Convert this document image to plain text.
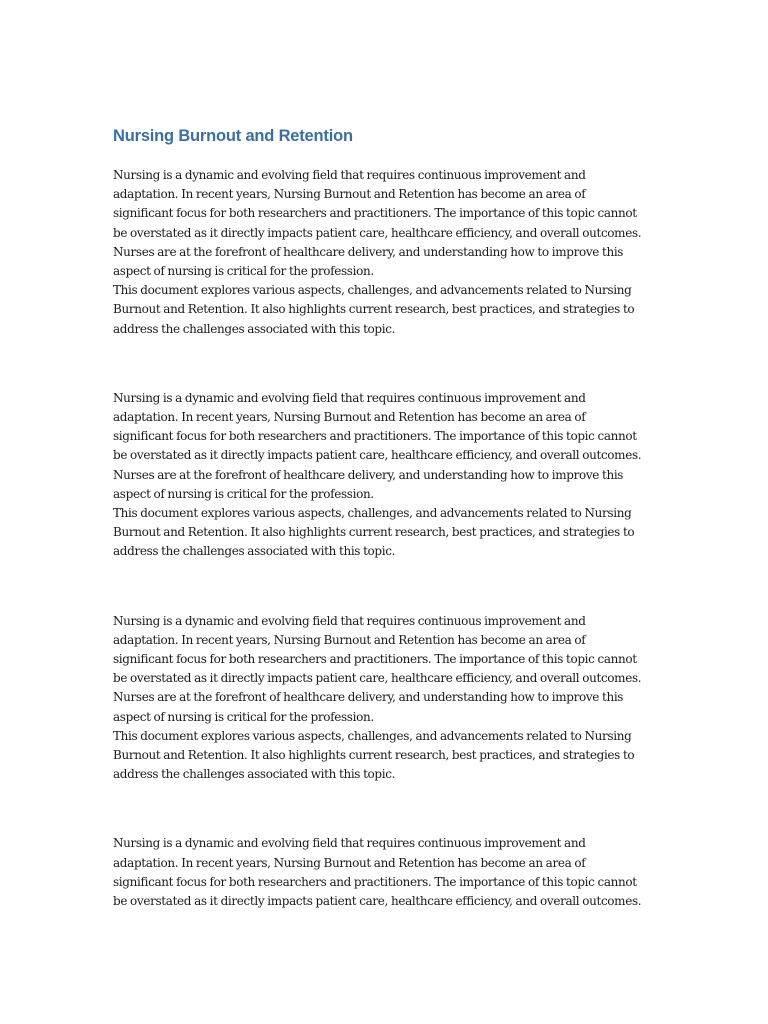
Nursing Burnout and Retention

Nursing is a dynamic and evolving field that requires continuous improvement and
adaptation. In recent years, Nursing Burnout and Retention has become an area of
significant focus for both researchers and practitioners. The importance of this topic cannot
be overstated as it directly impacts patient care, healthcare efficiency, and overall outcomes.
Nurses are at the forefront of healthcare delivery, and understanding how to improve this
aspect of nursing is critical for the profession.

This document explores various aspects, challenges, and advancements related to Nursing
Burnout and Retention. It also highlights current research, best practices, and strategies to
address the challenges associated with this topic.

Nursing is a dynamic and evolving field that requires continuous improvement and
adaptation. In recent years, Nursing Burnout and Retention has become an area of
significant focus for both researchers and practitioners. The importance of this topic cannot
be overstated as it directly impacts patient care, healthcare efficiency, and overall outcomes.
Nurses are at the forefront of healthcare delivery, and understanding how to improve this
aspect of nursing is critical for the profession.

This document explores various aspects, challenges, and advancements related to Nursing
Burnout and Retention. It also highlights current research, best practices, and strategies to
address the challenges associated with this topic.

Nursing is a dynamic and evolving field that requires continuous improvement and
adaptation. In recent years, Nursing Burnout and Retention has become an area of
significant focus for both researchers and practitioners. The importance of this topic cannot
be overstated as it directly impacts patient care, healthcare efficiency, and overall outcomes.
Nurses are at the forefront of healthcare delivery, and understanding how to improve this
aspect of nursing is critical for the profession.

This document explores various aspects, challenges, and advancements related to Nursing
Burnout and Retention. It also highlights current research, best practices, and strategies to
address the challenges associated with this topic.

Nursing is a dynamic and evolving field that requires continuous improvement and
adaptation. In recent years, Nursing Burnout and Retention has become an area of
significant focus for both researchers and practitioners. The importance of this topic cannot
be overstated as it directly impacts patient care, healthcare efficiency, and overall outcomes.
